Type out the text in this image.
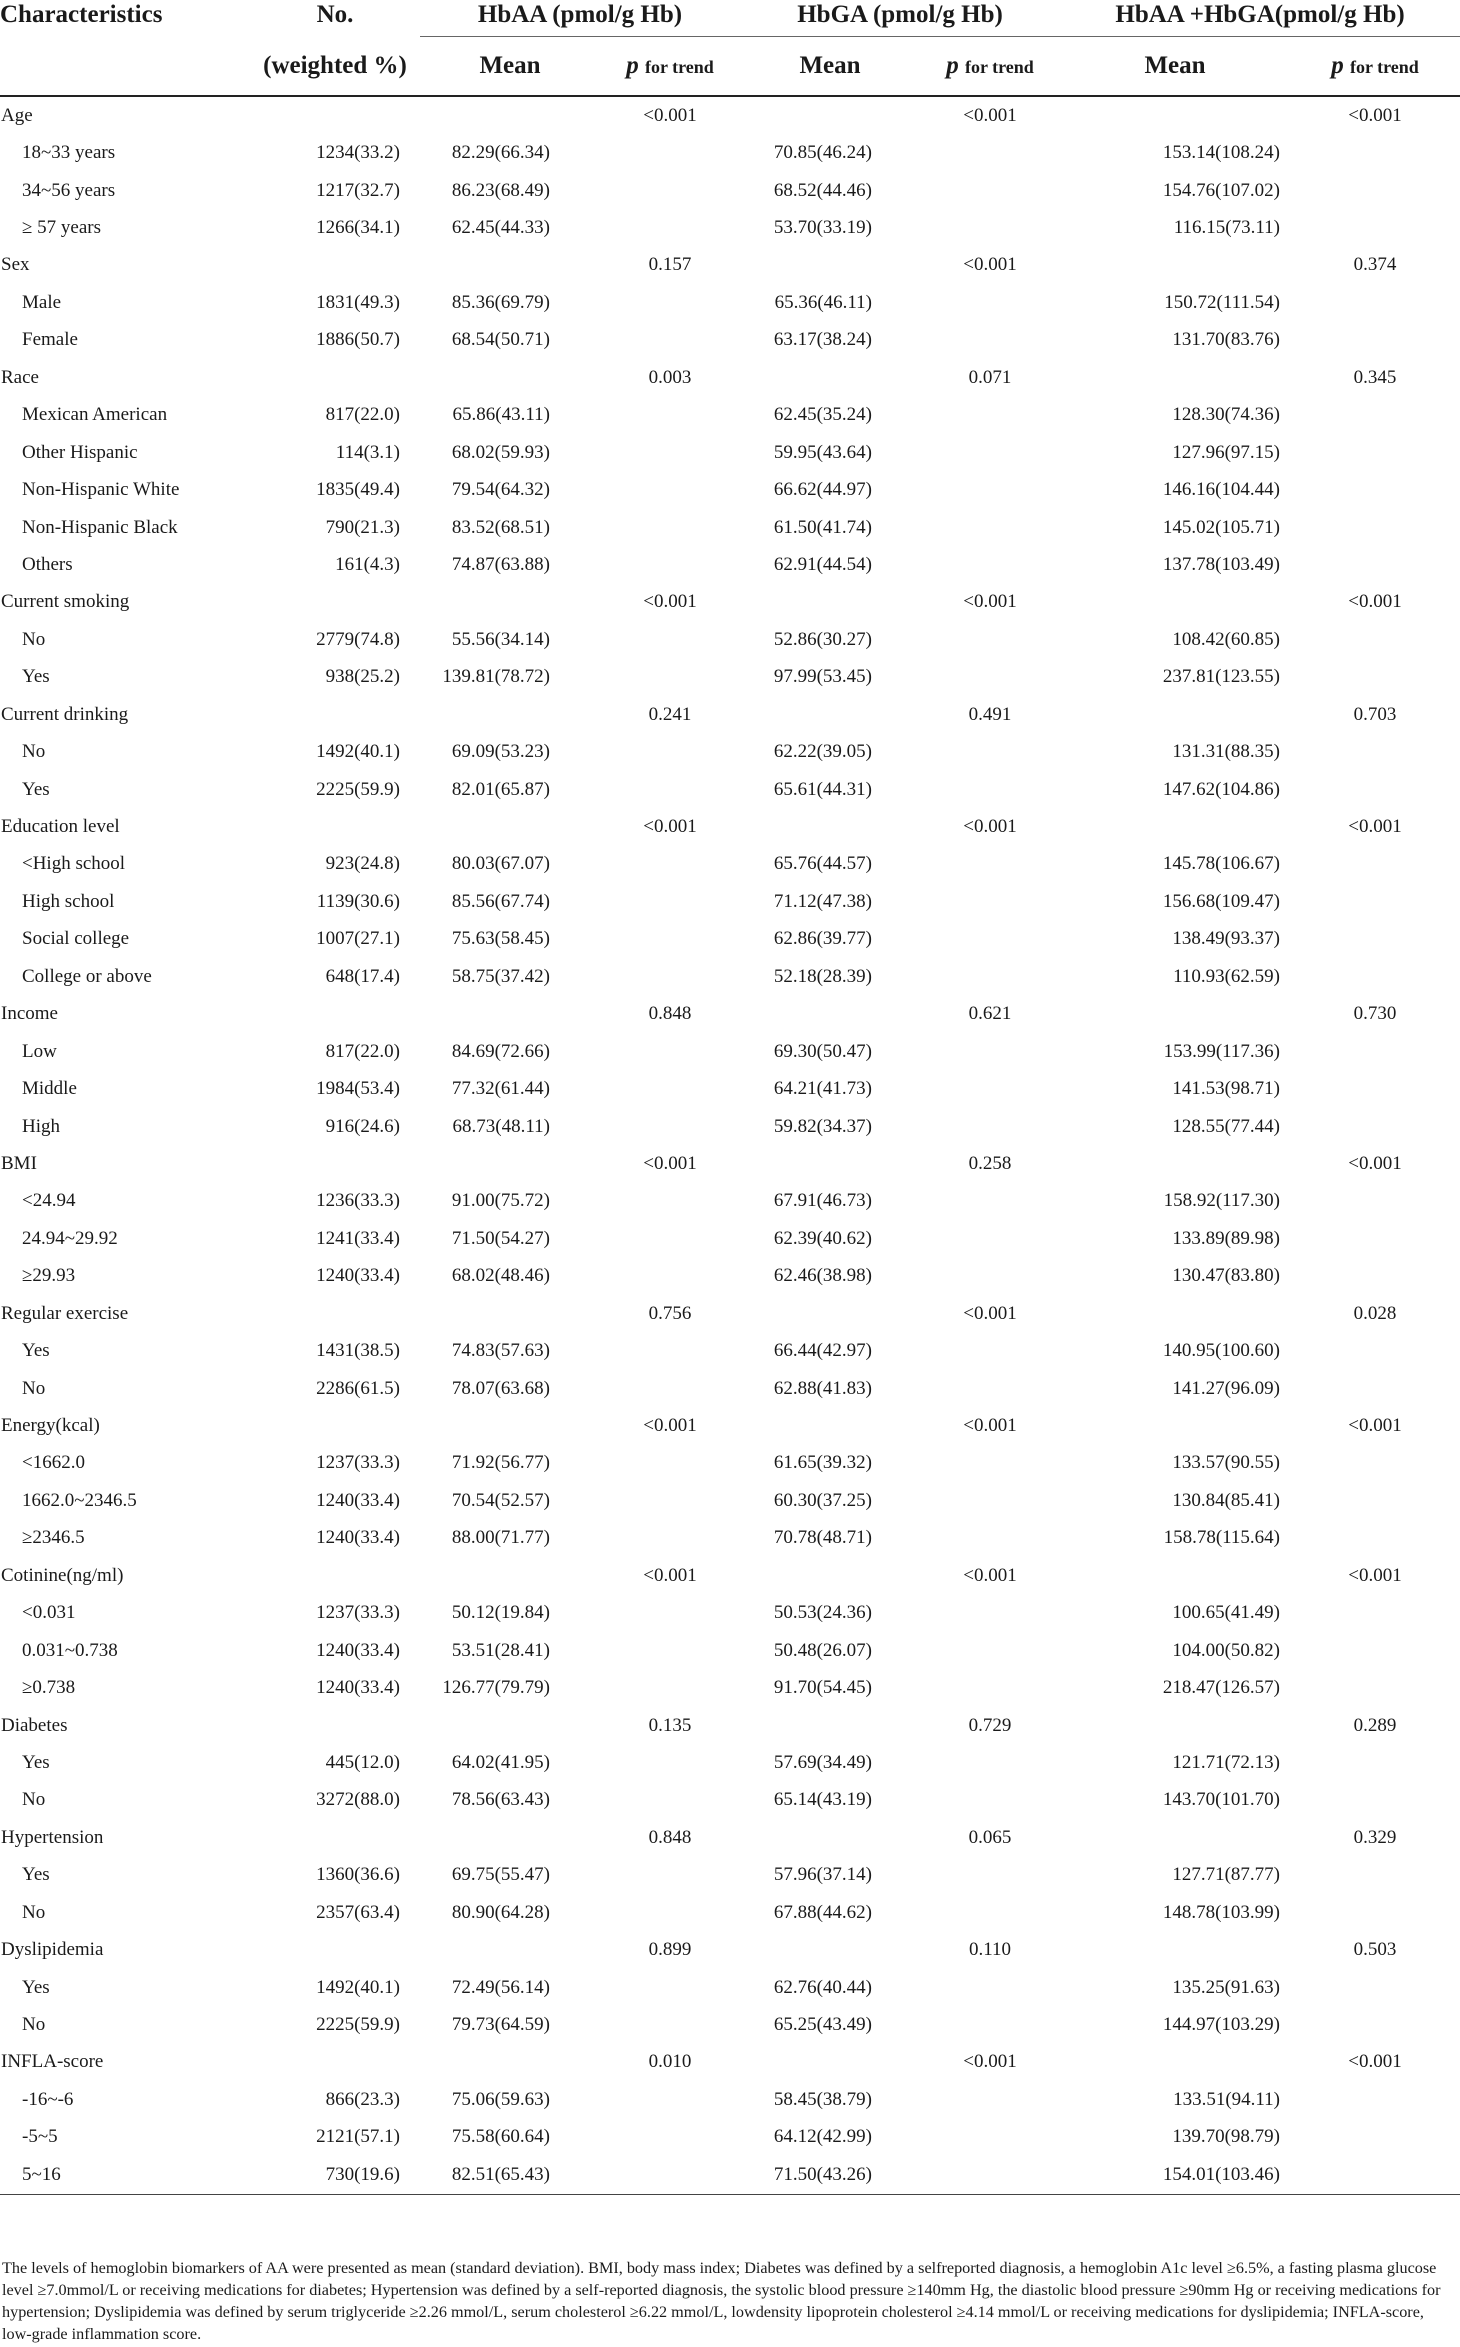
Characteristics	No.	HbAA (pmol/g Hb)		HbGA (pmol/g Hb)		HbAA +HbGA(pmol/g Hb)	
	(weighted %)	Mean	p for trend	Mean	p for trend	Mean	p for trend
Age			<0.001		<0.001		<0.001
18~33 years	1234(33.2)	82.29(66.34)		70.85(46.24)		153.14(108.24)	
34~56 years	1217(32.7)	86.23(68.49)		68.52(44.46)		154.76(107.02)	
≥ 57 years	1266(34.1)	62.45(44.33)		53.70(33.19)		116.15(73.11)	
Sex			0.157		<0.001		0.374
Male	1831(49.3)	85.36(69.79)		65.36(46.11)		150.72(111.54)	
Female	1886(50.7)	68.54(50.71)		63.17(38.24)		131.70(83.76)	
Race			0.003		0.071		0.345
Mexican American	817(22.0)	65.86(43.11)		62.45(35.24)		128.30(74.36)	
Other Hispanic	114(3.1)	68.02(59.93)		59.95(43.64)		127.96(97.15)	
Non-Hispanic White	1835(49.4)	79.54(64.32)		66.62(44.97)		146.16(104.44)	
Non-Hispanic Black	790(21.3)	83.52(68.51)		61.50(41.74)		145.02(105.71)	
Others	161(4.3)	74.87(63.88)		62.91(44.54)		137.78(103.49)	
Current smoking			<0.001		<0.001		<0.001
No	2779(74.8)	55.56(34.14)		52.86(30.27)		108.42(60.85)	
Yes	938(25.2)	139.81(78.72)		97.99(53.45)		237.81(123.55)	
Current drinking			0.241		0.491		0.703
No	1492(40.1)	69.09(53.23)		62.22(39.05)		131.31(88.35)	
Yes	2225(59.9)	82.01(65.87)		65.61(44.31)		147.62(104.86)	
Education level			<0.001		<0.001		<0.001
<High school	923(24.8)	80.03(67.07)		65.76(44.57)		145.78(106.67)	
High school	1139(30.6)	85.56(67.74)		71.12(47.38)		156.68(109.47)	
Social college	1007(27.1)	75.63(58.45)		62.86(39.77)		138.49(93.37)	
College or above	648(17.4)	58.75(37.42)		52.18(28.39)		110.93(62.59)	
Income			0.848		0.621		0.730
Low	817(22.0)	84.69(72.66)		69.30(50.47)		153.99(117.36)	
Middle	1984(53.4)	77.32(61.44)		64.21(41.73)		141.53(98.71)	
High	916(24.6)	68.73(48.11)		59.82(34.37)		128.55(77.44)	
BMI			<0.001		0.258		<0.001
<24.94	1236(33.3)	91.00(75.72)		67.91(46.73)		158.92(117.30)	
24.94~29.92	1241(33.4)	71.50(54.27)		62.39(40.62)		133.89(89.98)	
≥29.93	1240(33.4)	68.02(48.46)		62.46(38.98)		130.47(83.80)	
Regular exercise			0.756		<0.001		0.028
Yes	1431(38.5)	74.83(57.63)		66.44(42.97)		140.95(100.60)	
No	2286(61.5)	78.07(63.68)		62.88(41.83)		141.27(96.09)	
Energy(kcal)			<0.001		<0.001		<0.001
<1662.0	1237(33.3)	71.92(56.77)		61.65(39.32)		133.57(90.55)	
1662.0~2346.5	1240(33.4)	70.54(52.57)		60.30(37.25)		130.84(85.41)	
≥2346.5	1240(33.4)	88.00(71.77)		70.78(48.71)		158.78(115.64)	
Cotinine(ng/ml)			<0.001		<0.001		<0.001
<0.031	1237(33.3)	50.12(19.84)		50.53(24.36)		100.65(41.49)	
0.031~0.738	1240(33.4)	53.51(28.41)		50.48(26.07)		104.00(50.82)	
≥0.738	1240(33.4)	126.77(79.79)		91.70(54.45)		218.47(126.57)	
Diabetes			0.135		0.729		0.289
Yes	445(12.0)	64.02(41.95)		57.69(34.49)		121.71(72.13)	
No	3272(88.0)	78.56(63.43)		65.14(43.19)		143.70(101.70)	
Hypertension			0.848		0.065		0.329
Yes	1360(36.6)	69.75(55.47)		57.96(37.14)		127.71(87.77)	
No	2357(63.4)	80.90(64.28)		67.88(44.62)		148.78(103.99)	
Dyslipidemia			0.899		0.110		0.503
Yes	1492(40.1)	72.49(56.14)		62.76(40.44)		135.25(91.63)	
No	2225(59.9)	79.73(64.59)		65.25(43.49)		144.97(103.29)	
INFLA-score			0.010		<0.001		<0.001
-16~-6	866(23.3)	75.06(59.63)		58.45(38.79)		133.51(94.11)	
-5~5	2121(57.1)	75.58(60.64)		64.12(42.99)		139.70(98.79)	
5~16	730(19.6)	82.51(65.43)		71.50(43.26)		154.01(103.46)	
The levels of hemoglobin biomarkers of AA were presented as mean (standard deviation). BMI, body mass index; Diabetes was defined by a selfreported diagnosis, a hemoglobin A1c level ≥6.5%, a fasting plasma glucose level ≥7.0mmol/L or receiving medications for diabetes; Hypertension was defined by a self-reported diagnosis, the systolic blood pressure ≥140mm Hg, the diastolic blood pressure ≥90mm Hg or receiving medications for hypertension; Dyslipidemia was defined by serum triglyceride ≥2.26 mmol/L, serum cholesterol ≥6.22 mmol/L, lowdensity lipoprotein cholesterol ≥4.14 mmol/L or receiving medications for dyslipidemia; INFLA-score, low-grade inflammation score.
